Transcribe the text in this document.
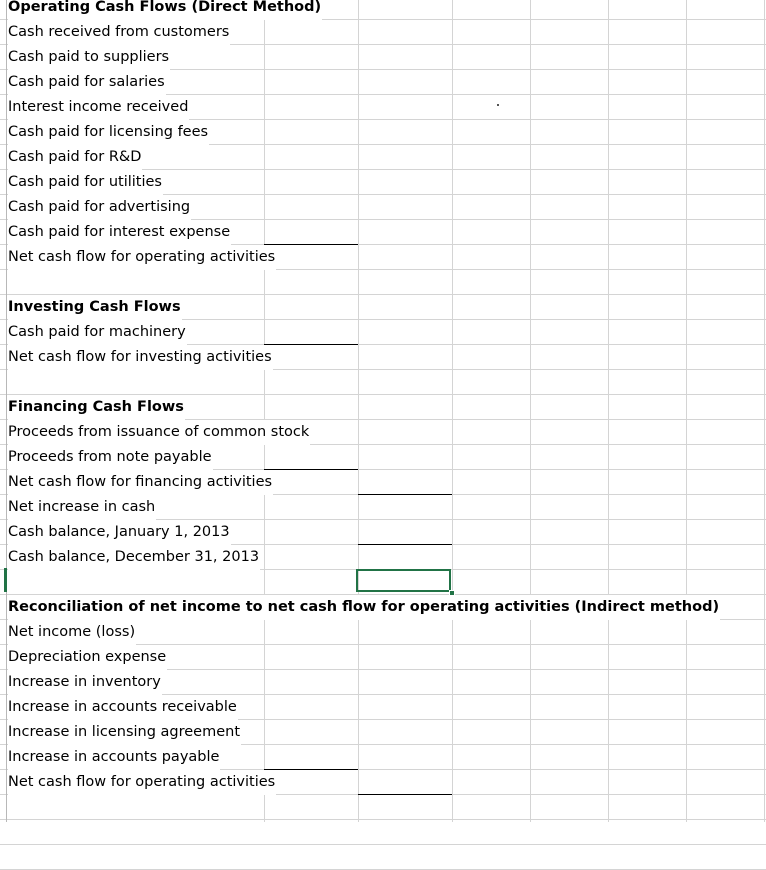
Operating Cash Flows (Direct Method)
Cash received from customers
Cash paid to suppliers
Cash paid for salaries
Interest income received
Cash paid for licensing fees
Cash paid for R&D
Cash paid for utilities
Cash paid for advertising
Cash paid for interest expense
Net cash flow for operating activities
Investing Cash Flows
Cash paid for machinery
Net cash flow for investing activities
Financing Cash Flows
Proceeds from issuance of common stock
Proceeds from note payable
Net cash flow for financing activities
Net increase in cash
Cash balance, January 1, 2013
Cash balance, December 31, 2013
Reconciliation of net income to net cash flow for operating activities (Indirect method)
Net income (loss)
Depreciation expense
Increase in inventory
Increase in accounts receivable
Increase in licensing agreement
Increase in accounts payable
Net cash flow for operating activities
